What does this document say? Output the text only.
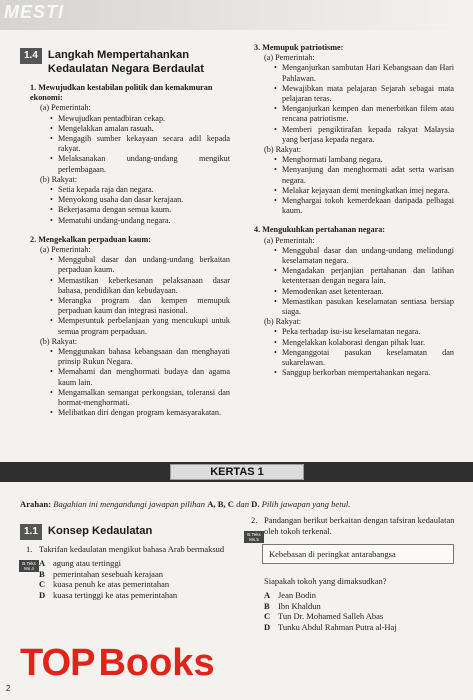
MESTI
1.4 Langkah Mempertahankan Kedaulatan Negara Berdaulat
1. Mewujudkan kestabilan politik dan kemakmuran ekonomi:
(a) Pemerintah:
• Mewujudkan pentadbiran cekap.
• Mengelakkan amalan rasuah.
• Mengagih sumber kekayaan secara adil kepada rakyat.
• Melaksanakan undang-undang mengikut perlembagaan.
(b) Rakyat:
• Setia kepada raja dan negara.
• Menyokong usaha dan dasar kerajaan.
• Bekerjasama dengan semua kaum.
• Mematuhi undang-undang negara.
2. Mengekalkan perpaduan kaum:
(a) Pemerintah:
• Menggubal dasar dan undang-undang berkaitan perpaduan kaum.
• Memastikan keberkesanan pelaksanaan dasar bahasa, pendidikan dan kebudayaan.
• Merangka program dan kempen memupuk perpaduan kaum dan integrasi nasional.
• Memperuntuk perbelanjaan yang mencukupi untuk semua program perpaduan.
(b) Rakyat:
• Menggunakan bahasa kebangsaan dan menghayati prinsip Rukun Negara.
• Memahami dan menghormati budaya dan agama kaum lain.
• Mengamalkan semangat perkongsian, toleransi dan hormat-menghormati.
• Melibatkan diri dengan program kemasyarakatan.
3. Memupuk patriotisme:
(a) Pemerintah:
• Menganjurkan sambutan Hari Kebangsaan dan Hari Pahlawan.
• Mewajibkan mata pelajaran Sejarah sebagai mata pelajaran teras.
• Menganjurkan kempen dan menerbitkan filem atau rencana patriotisme.
• Memberi pengiktirafan kepada rakyat Malaysia yang berjasa kepada negara.
(b) Rakyat:
• Menghormati lambang negara.
• Menyanjung dan menghormati adat serta warisan negara.
• Melakar kejayaan demi meningkatkan imej negara.
• Menghargai tokoh kemerdekaan daripada pelbagai kaum.
4. Mengukuhkan pertahanan negara:
(a) Pemerintah:
• Menggubal dasar dan undang-undang melindungi keselamatan negara.
• Mengadakan perjanjian pertahanan dan latihan ketenteraan dengan negara lain.
• Memodenkan aset ketenteraan.
• Memastikan pasukan keselamatan sentiasa bersiap siaga.
(b) Rakyat:
• Peka terhadap isu-isu keselamatan negara.
• Mengelakkan kolaborasi dengan pihak luar.
• Menganggotai pasukan keselamatan dan sukarelawan.
• Sanggup berkorban mempertahankan negara.
KERTAS 1
Arahan: Bagahian ini mengandungi jawapan pilihan A, B, C dan D. Pilih jawapan yang betul.
1.1 Konsep Kedaulatan
B.Teks Ms.4
1. Takrifan kedaulatan mengikut bahasa Arab bermaksud
A agung atau tertinggi
B pemerintahan sesebuah kerajaan
C kuasa penuh ke atas pemerintahan
D kuasa tertinggi ke atas pemerintahan
B.Teks Ms.5
2. Pandangan berikut berkaitan dengan tafsiran kedaulatan oleh tokoh terkenal.
Kebebasan di peringkat antarabangsa
Siapakah tokoh yang dimaksudkan?
A Jean Bodin
B Ibn Khaldun
C Tun Dr. Mohamed Salleh Abas
D Tunku Abdul Rahman Putra al-Haj
TOP Books
2
